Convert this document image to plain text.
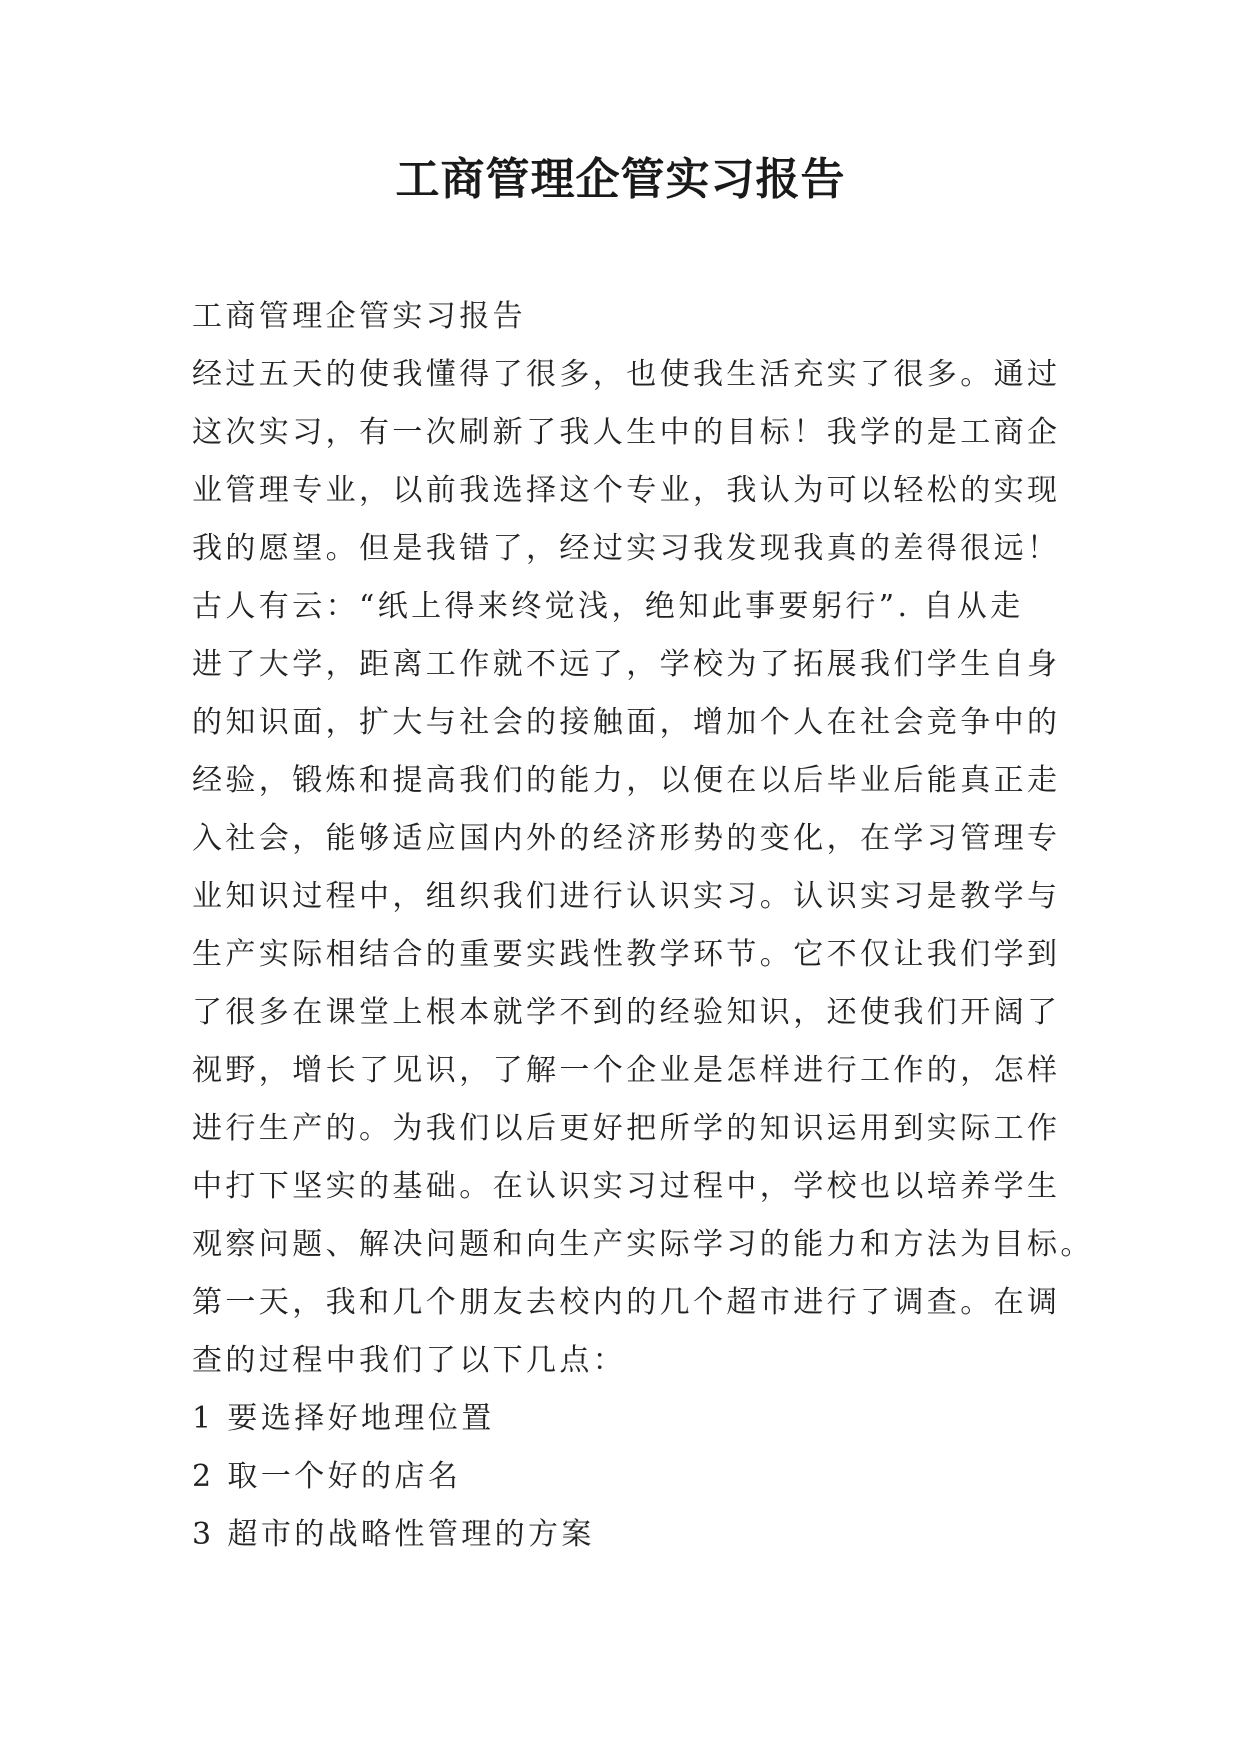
工商管理企管实习报告
工商管理企管实习报告
经过五天的使我懂得了很多，也使我生活充实了很多。通过
这次实习，有一次刷新了我人生中的目标！我学的是工商企
业管理专业，以前我选择这个专业，我认为可以轻松的实现
我的愿望。但是我错了，经过实习我发现我真的差得很远！
古人有云：“纸上得来终觉浅，绝知此事要躬行”. 自从走
进了大学，距离工作就不远了，学校为了拓展我们学生自身
的知识面，扩大与社会的接触面，增加个人在社会竞争中的
经验，锻炼和提高我们的能力，以便在以后毕业后能真正走
入社会，能够适应国内外的经济形势的变化，在学习管理专
业知识过程中，组织我们进行认识实习。认识实习是教学与
生产实际相结合的重要实践性教学环节。它不仅让我们学到
了很多在课堂上根本就学不到的经验知识，还使我们开阔了
视野，增长了见识，了解一个企业是怎样进行工作的，怎样
进行生产的。为我们以后更好把所学的知识运用到实际工作
中打下坚实的基础。在认识实习过程中，学校也以培养学生
观察问题、解决问题和向生产实际学习的能力和方法为目标。
第一天，我和几个朋友去校内的几个超市进行了调查。在调
查的过程中我们了以下几点：
1 要选择好地理位置
2 取一个好的店名
3 超市的战略性管理的方案
